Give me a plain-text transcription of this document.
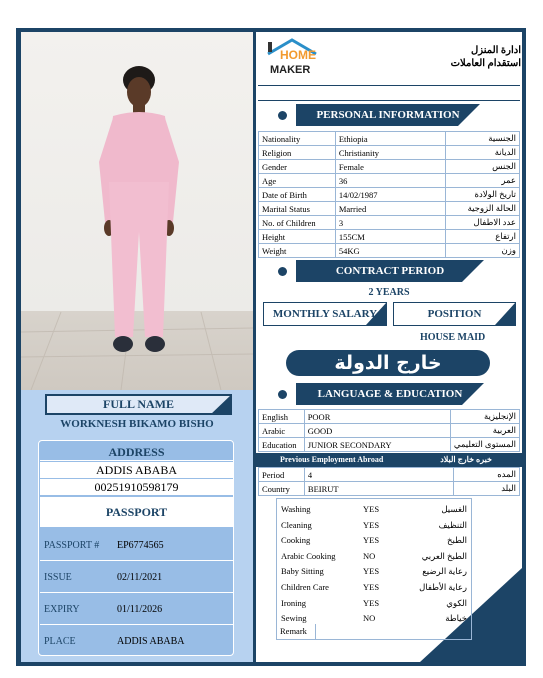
FULL NAME
WORKNESH BIKAMO BISHO
ADDRESS
ADDIS ABABA
00251910598179
PASSPORT
PASSPORT # EP6774565
ISSUE	02/11/2021
EXPIRY	01/11/2026
PLACE	ADDIS ABABA
HOME
MAKER
ادارة المنزل
استقدام العاملات
PERSONAL INFORMATION
Nationality	Ethiopia	الجنسية
Religion	Christianity	الديانة
Gender	Female	الجنس
Age	36	عمر
Date of Birth	14/02/1987	تاريخ الولادة
Marital Status	Married	الحالة الزوجية
No. of Children	3	عدد الاطفال
Height	155CM	ارتفاع
Weight	54KG	وزن
CONTRACT PERIOD
2 YEARS
MONTHLY SALARY	POSITION
HOUSE MAID
خارج الدولة
LANGUAGE & EDUCATION
English	POOR	الإنجليزية
Arabic	GOOD	العربية
Education	JUNIOR SECONDARY	المستوى التعليمي
Previous Employment Abroad	خبره خارج البلاد
Period	4	المده
Country	BEIRUT	البلد
Washing	YES	الغسيل
Cleaning	YES	التنظيف
Cooking	YES	الطبخ
Arabic Cooking	NO	الطبخ العربي
Baby Sitting	YES	رعاية الرضيع
Children Care	YES	رعاية الأطفال
Ironing	YES	الكوي
Sewing	NO	خياطة
Remark
